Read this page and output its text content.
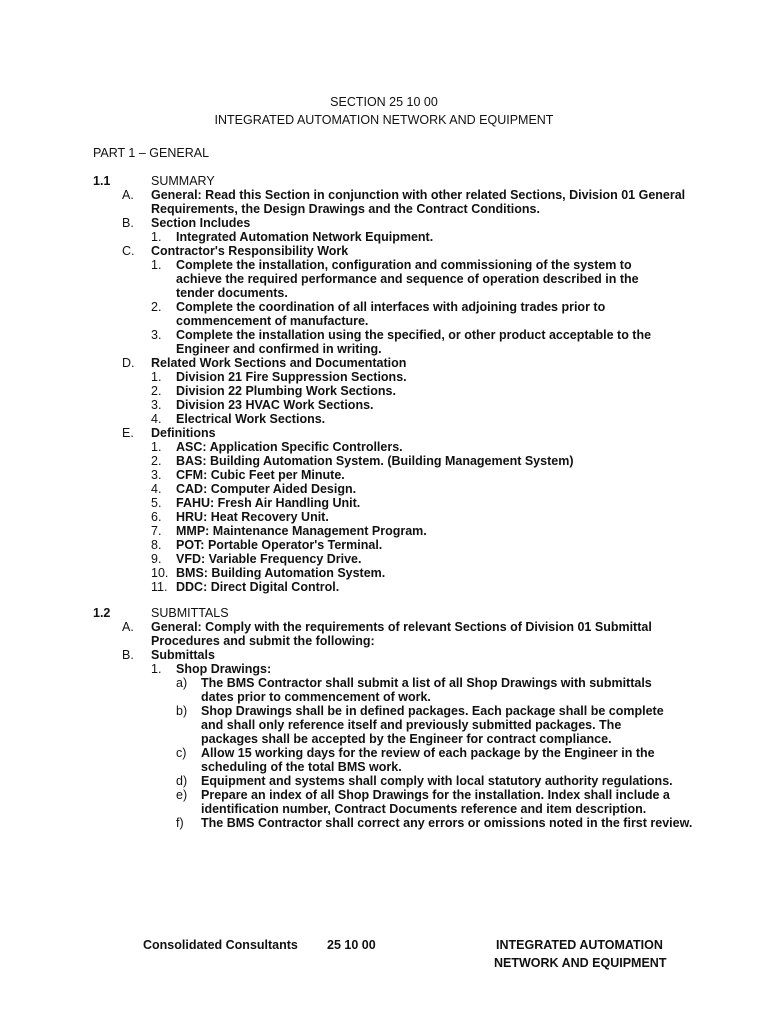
SECTION 25 10 00
INTEGRATED AUTOMATION NETWORK AND EQUIPMENT
PART 1 – GENERAL
1.1	SUMMARY
A. General: Read this Section in conjunction with other related Sections, Division 01 General
Requirements, the Design Drawings and the Contract Conditions.
B. Section Includes
1. Integrated Automation Network Equipment.
C. Contractor's Responsibility Work
1. Complete the installation, configuration and commissioning of the system to
achieve the required performance and sequence of operation described in the
tender documents.
2. Complete the coordination of all interfaces with adjoining trades prior to
commencement of manufacture.
3. Complete the installation using the specified, or other product acceptable to the
Engineer and confirmed in writing.
D. Related Work Sections and Documentation
1. Division 21 Fire Suppression Sections.
2. Division 22 Plumbing Work Sections.
3. Division 23 HVAC Work Sections.
4. Electrical Work Sections.
E. Definitions
1. ASC: Application Specific Controllers.
2. BAS: Building Automation System. (Building Management System)
3. CFM: Cubic Feet per Minute.
4. CAD: Computer Aided Design.
5. FAHU: Fresh Air Handling Unit.
6. HRU: Heat Recovery Unit.
7. MMP: Maintenance Management Program.
8. POT: Portable Operator's Terminal.
9. VFD: Variable Frequency Drive.
10. BMS: Building Automation System.
11. DDC: Direct Digital Control.
1.2	SUBMITTALS
A. General: Comply with the requirements of relevant Sections of Division 01 Submittal
Procedures and submit the following:
B. Submittals
1. Shop Drawings:
a) The BMS Contractor shall submit a list of all Shop Drawings with submittals
dates prior to commencement of work.
b) Shop Drawings shall be in defined packages. Each package shall be complete
and shall only reference itself and previously submitted packages. The
packages shall be accepted by the Engineer for contract compliance.
c) Allow 15 working days for the review of each package by the Engineer in the
scheduling of the total BMS work.
d) Equipment and systems shall comply with local statutory authority regulations.
e) Prepare an index of all Shop Drawings for the installation. Index shall include a
identification number, Contract Documents reference and item description.
f) The BMS Contractor shall correct any errors or omissions noted in the first review.
Consolidated Consultants 25 10 00	INTEGRATED AUTOMATION
NETWORK AND EQUIPMENT
